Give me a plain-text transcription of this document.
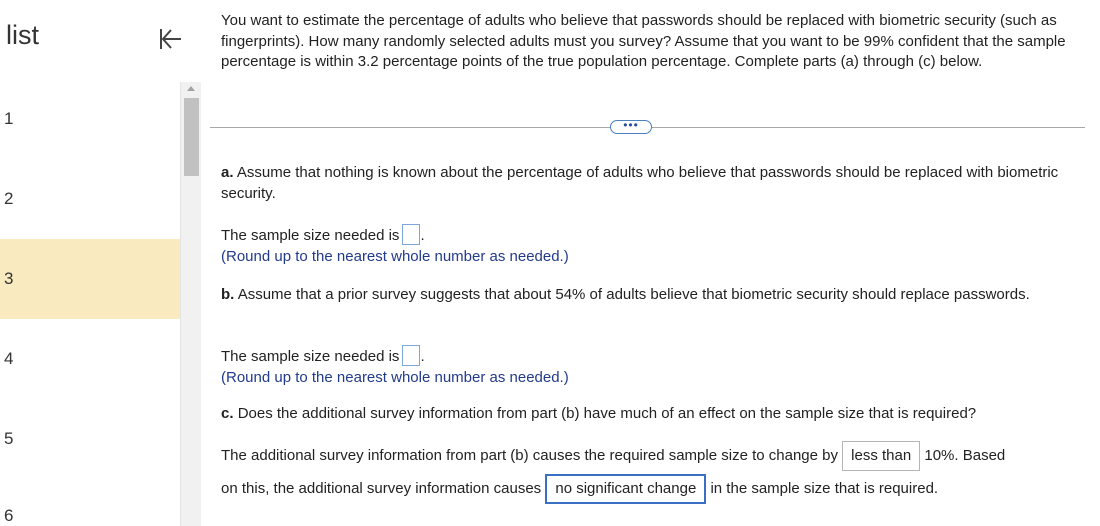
list
1
2
3
4
5
6
You want to estimate the percentage of adults who believe that passwords should be replaced with biometric security (such as fingerprints). How many randomly selected adults must you survey? Assume that you want to be 99% confident that the sample percentage is within 3.2 percentage points of the true population percentage. Complete parts (a) through (c) below.
•••
a. Assume that nothing is known about the percentage of adults who believe that passwords should be replaced with biometric security.
The sample size needed is .
(Round up to the nearest whole number as needed.)
b. Assume that a prior survey suggests that about 54% of adults believe that biometric security should replace passwords.
The sample size needed is .
(Round up to the nearest whole number as needed.)
c. Does the additional survey information from part (b) have much of an effect on the sample size that is required?
The additional survey information from part (b) causes the required sample size to change by less than 10%. Based
on this, the additional survey information causes no significant change in the sample size that is required.
